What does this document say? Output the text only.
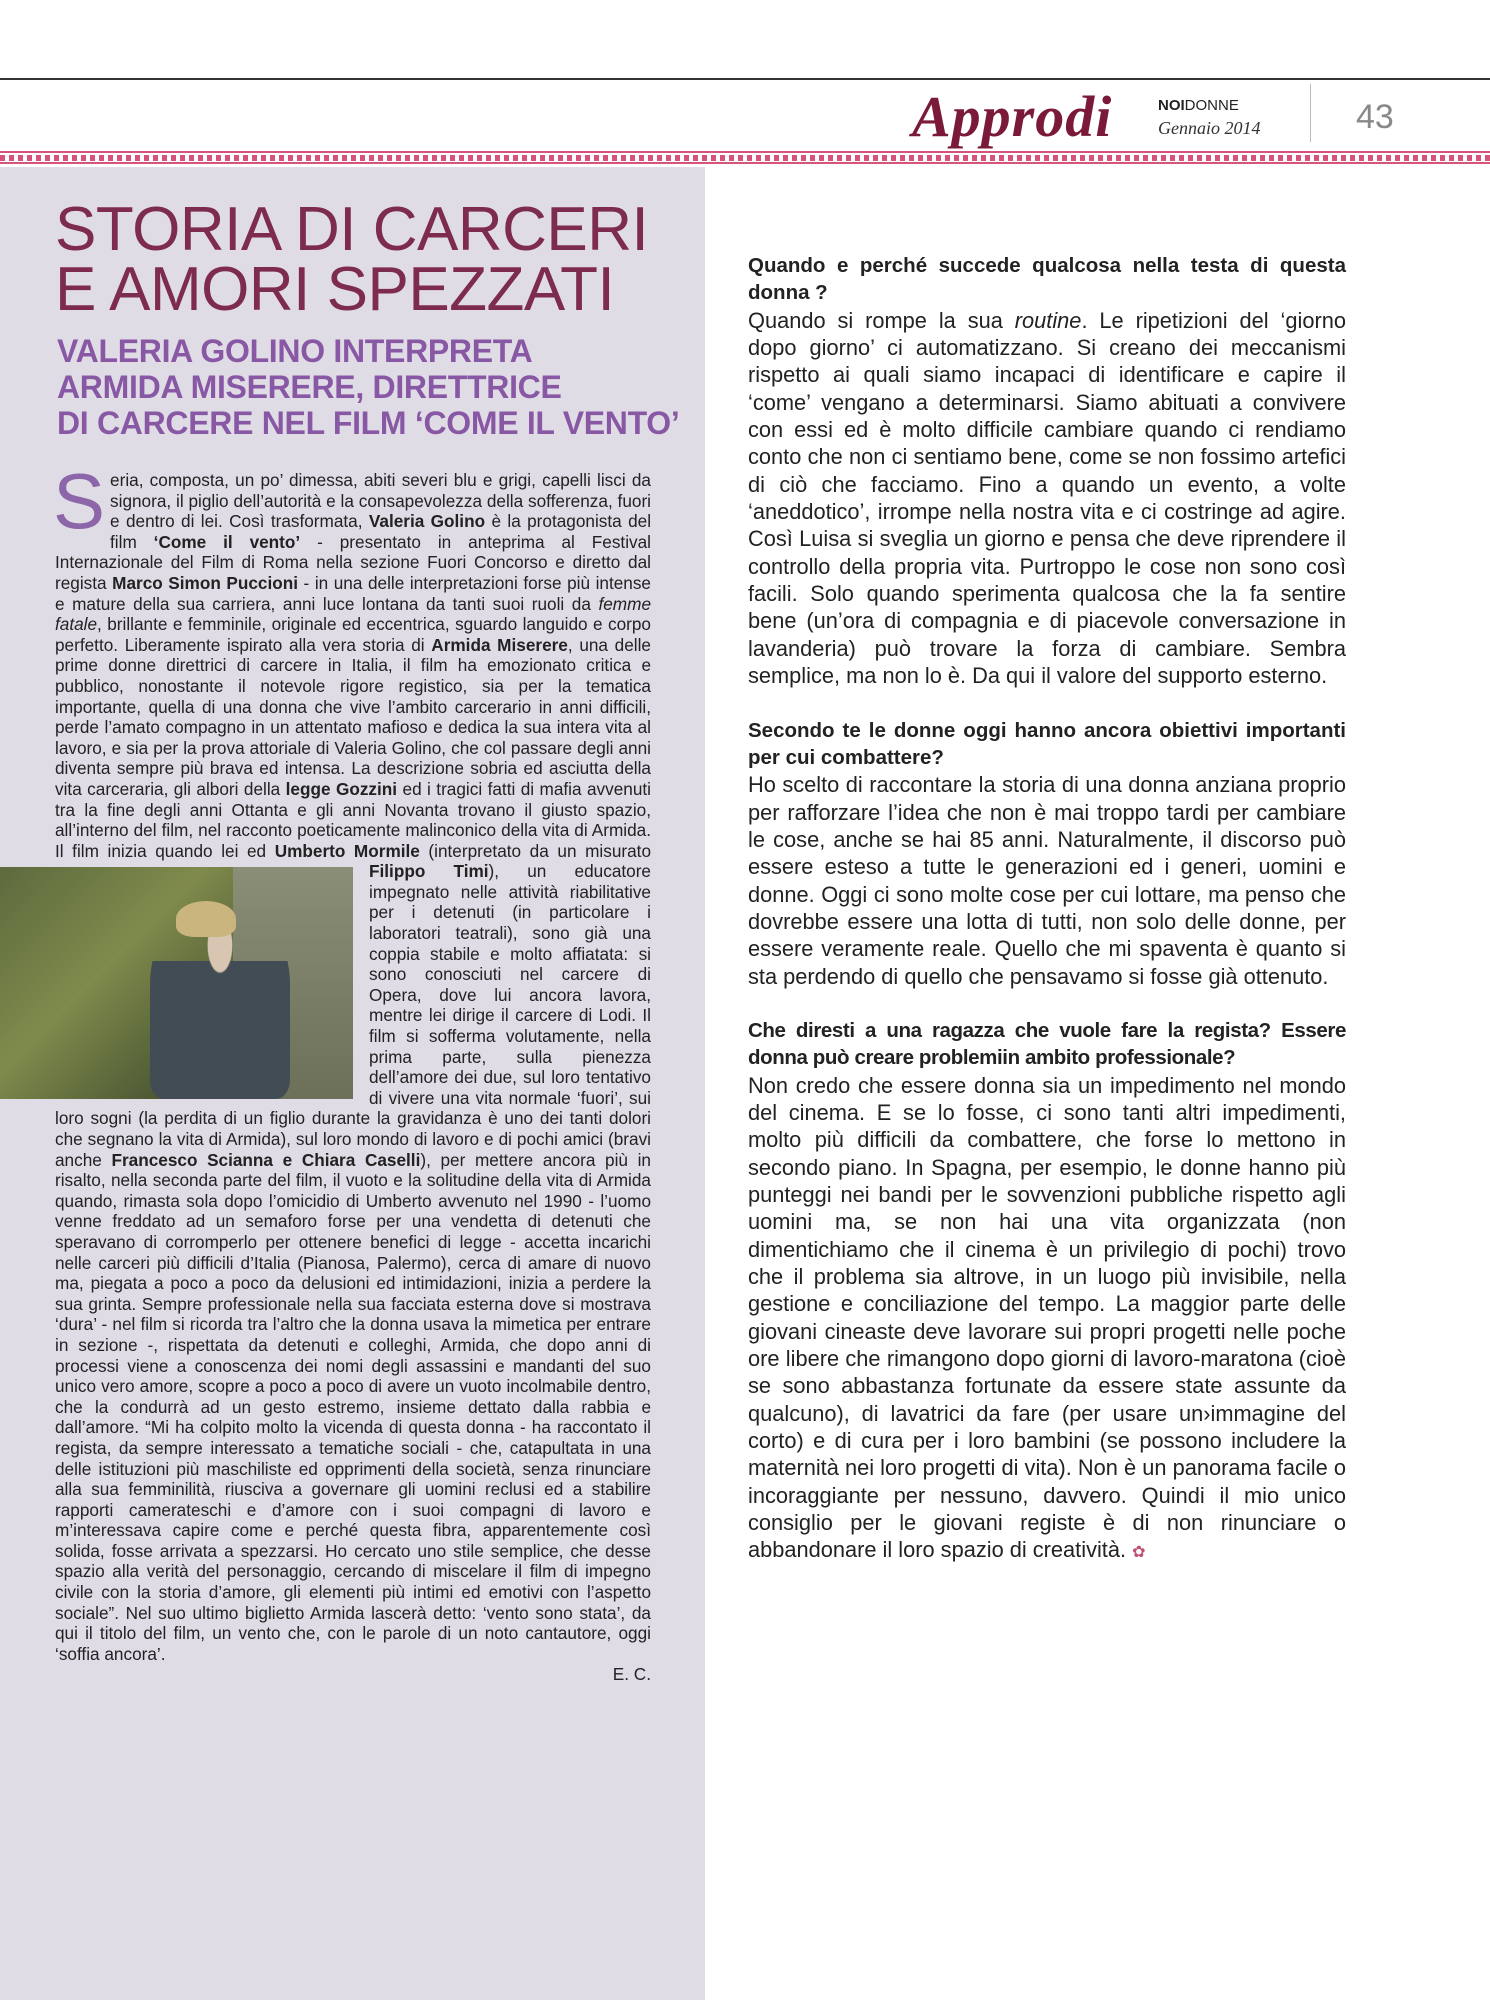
Approdi	NOIDONNE
Gennaio 2014	43
STORIA DI CARCERI
E AMORI SPEZZATI
VALERIA GOLINO INTERPRETA
ARMIDA MISERERE, DIRETTRICE
DI CARCERE NEL FILM ‘COME IL VENTO’

Seria, composta, un po’ dimessa, abiti severi blu e grigi, capelli lisci da signora, il piglio dell’autorità e la consapevolezza della sofferenza, fuori e dentro di lei. Così trasformata, Valeria Golino è la protagonista del film ‘Come il vento’ - presentato in anteprima al Festival Internazionale del Film di Roma nella sezione Fuori Concorso e diretto dal regista Marco Simon Puccioni - in una delle interpretazioni forse più intense e mature della sua carriera, anni luce lontana da tanti suoi ruoli da femme fatale, brillante e femminile, originale ed eccentrica, sguardo languido e corpo perfetto. Liberamente ispirato alla vera storia di Armida Miserere, una delle prime donne direttrici di carcere in Italia, il film ha emozionato critica e pubblico, nonostante il notevole rigore registico, sia per la tematica importante, quella di una donna che vive l’ambito carcerario in anni difficili, perde l’amato compagno in un attentato mafioso e dedica la sua intera vita al lavoro, e sia per la prova attoriale di Valeria Golino, che col passare degli anni diventa sempre più brava ed intensa. La descrizione sobria ed asciutta della vita carceraria, gli albori della legge Gozzini ed i tragici fatti di mafia avvenuti tra la fine degli anni Ottanta e gli anni Novanta trovano il giusto spazio, all’interno del film, nel racconto poeticamente malinconico della vita di Armida. Il film inizia quando lei ed Umberto Mormile (interpretato da un misurato Filippo Timi
), un educatore impegnato nelle attività riabilitative per i detenuti (in particolare i laboratori teatrali), sono già una coppia stabile e molto affiatata: si sono conosciuti nel carcere di Opera, dove lui ancora lavora, mentre lei dirige il carcere di Lodi. Il film si sofferma volutamente, nella prima parte, sulla pienezza dell’amore dei due, sul loro tentativo di vivere una vita normale ‘fuori’, sui loro sogni (la perdita di un figlio durante la gravidanza è uno dei tanti dolori che segnano la vita di Armida), sul loro mondo di lavoro e di pochi amici (bravi anche Francesco Scianna e Chiara Caselli), per mettere ancora più in risalto, nella seconda parte del film, il vuoto e la solitudine della vita di Armida quando, rimasta sola dopo l’omicidio di Umberto avvenuto nel 1990 - l’uomo venne freddato ad un semaforo forse per una vendetta di detenuti che speravano di corromperlo per ottenere benefici di legge - accetta incarichi nelle carceri più difficili d’Italia (Pianosa, Palermo), cerca di amare di nuovo ma, piegata a poco a poco da delusioni ed intimidazioni, inizia a perdere la sua grinta. Sempre professionale nella sua facciata esterna dove si mostrava ‘dura’ - nel film si ricorda tra l’altro che la donna usava la mimetica per entrare in sezione -, rispettata da detenuti e colleghi, Armida, che dopo anni di processi viene a conoscenza dei nomi degli assassini e mandanti del suo unico vero amore, scopre a poco a poco di avere un vuoto incolmabile dentro, che la condurrà ad un gesto estremo, insieme dettato dalla rabbia e dall’amore. “Mi ha colpito molto la vicenda di questa donna - ha raccontato il regista, da sempre interessato a tematiche sociali - che, catapultata in una delle istituzioni più maschiliste ed opprimenti della società, senza rinunciare alla sua femminilità, riusciva a governare gli uomini reclusi ed a stabilire rapporti camerateschi e d’amore con i suoi compagni di lavoro e m’interessava capire come e perché questa fibra, apparentemente così solida, fosse arrivata a spezzarsi. Ho cercato uno stile semplice, che desse spazio alla verità del personaggio, cercando di miscelare il film di impegno civile con la storia d’amore, gli elementi più intimi ed emotivi con l’aspetto sociale”. Nel suo ultimo biglietto Armida lascerà detto: ‘vento sono stata’, da qui il titolo del film, un vento che, con le parole di un noto cantautore, oggi ‘soffia ancora’.

E. C.

Quando e perché succede qualcosa nella testa di questa donna ?

Quando si rompe la sua routine. Le ripetizioni del ‘giorno dopo giorno’ ci automatizzano. Si creano dei meccanismi rispetto ai quali siamo incapaci di identificare e capire il ‘come’ vengano a determinarsi. Siamo abituati a convivere con essi ed è molto difficile cambiare quando ci rendiamo conto che non ci sentiamo bene, come se non fossimo artefici di ciò che facciamo. Fino a quando un evento, a volte ‘aneddotico’, irrompe nella nostra vita e ci costringe ad agire. Così Luisa si sveglia un giorno e pensa che deve riprendere il controllo della propria vita. Purtroppo le cose non sono così facili. Solo quando sperimenta qualcosa che la fa sentire bene (un’ora di compagnia e di piacevole conversazione in lavanderia) può trovare la forza di cambiare. Sembra semplice, ma non lo è. Da qui il valore del supporto esterno.

Secondo te le donne oggi hanno ancora obiettivi importanti per cui combattere?

Ho scelto di raccontare la storia di una donna anziana proprio per rafforzare l’idea che non è mai troppo tardi per cambiare le cose, anche se hai 85 anni. Naturalmente, il discorso può essere esteso a tutte le generazioni ed i generi, uomini e donne. Oggi ci sono molte cose per cui lottare, ma penso che dovrebbe essere una lotta di tutti, non solo delle donne, per essere veramente reale. Quello che mi spaventa è quanto si sta perdendo di quello che pensavamo si fosse già ottenuto.

Che diresti a una ragazza che vuole fare la regista? Essere donna può creare problemiin ambito professionale?

Non credo che essere donna sia un impedimento nel mondo del cinema. E se lo fosse, ci sono tanti altri impedimenti, molto più difficili da combattere, che forse lo mettono in secondo piano. In Spagna, per esempio, le donne hanno più punteggi nei bandi per le sovvenzioni pubbliche rispetto agli uomini ma, se non hai una vita organizzata (non dimentichiamo che il cinema è un privilegio di pochi) trovo che il problema sia altrove, in un luogo più invisibile, nella gestione e conciliazione del tempo. La maggior parte delle giovani cineaste deve lavorare sui propri progetti nelle poche ore libere che rimangono dopo giorni di lavoro-maratona (cioè se sono abbastanza fortunate da essere state assunte da qualcuno), di lavatrici da fare (per usare un›immagine del corto) e di cura per i loro bambini (se possono includere la maternità nei loro progetti di vita). Non è un panorama facile o incoraggiante per nessuno, davvero. Quindi il mio unico consiglio per le giovani registe è di non rinunciare o abbandonare il loro spazio di creatività. ✿
